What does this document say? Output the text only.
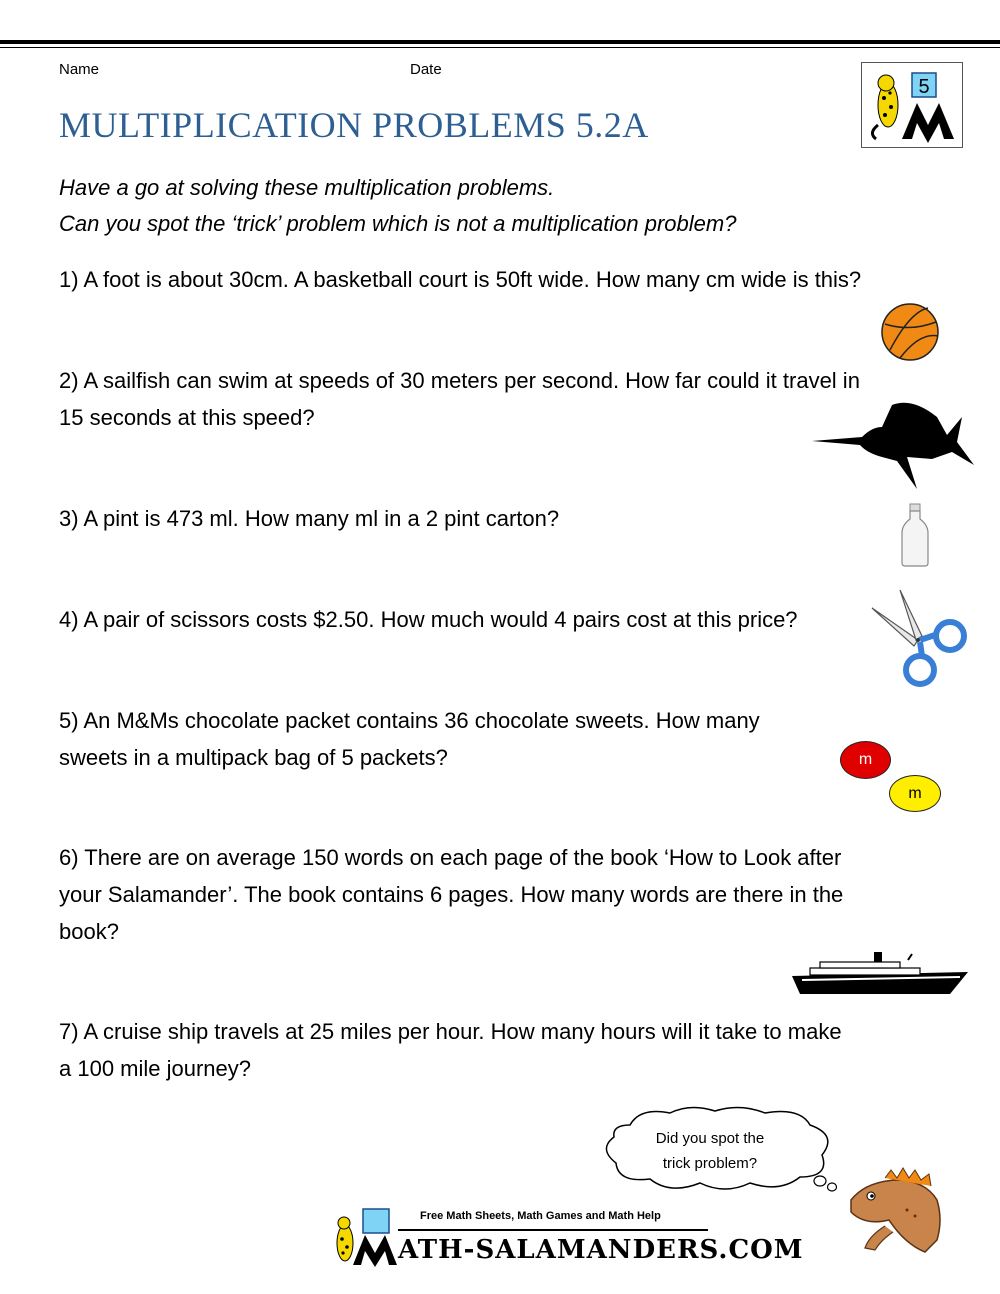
Name	Date
MULTIPLICATION PROBLEMS 5.2A
5
Have a go at solving these multiplication problems.
Can you spot the ‘trick’ problem which is not a multiplication problem?
1) A foot is about 30cm. A basketball court is 50ft wide. How many cm wide is this?
2) A sailfish can swim at speeds of 30 meters per second. How far could it travel in
15 seconds at this speed?
3) A pint is 473 ml. How many ml in a 2 pint carton?
4) A pair of scissors costs $2.50. How much would 4 pairs cost at this price?
5) An M&Ms chocolate packet contains 36 chocolate sweets. How many
sweets in a multipack bag of 5 packets?
6) There are on average 150 words on each page of the book ‘How to Look after
your Salamander’. The book contains 6 pages. How many words are there in the
book?
7) A cruise ship travels at 25 miles per hour. How many hours will it take to make
a 100 mile journey?
m
m
Did you spot the
trick problem?
Free Math Sheets, Math Games and Math Help
ATH-SALAMANDERS.COM
